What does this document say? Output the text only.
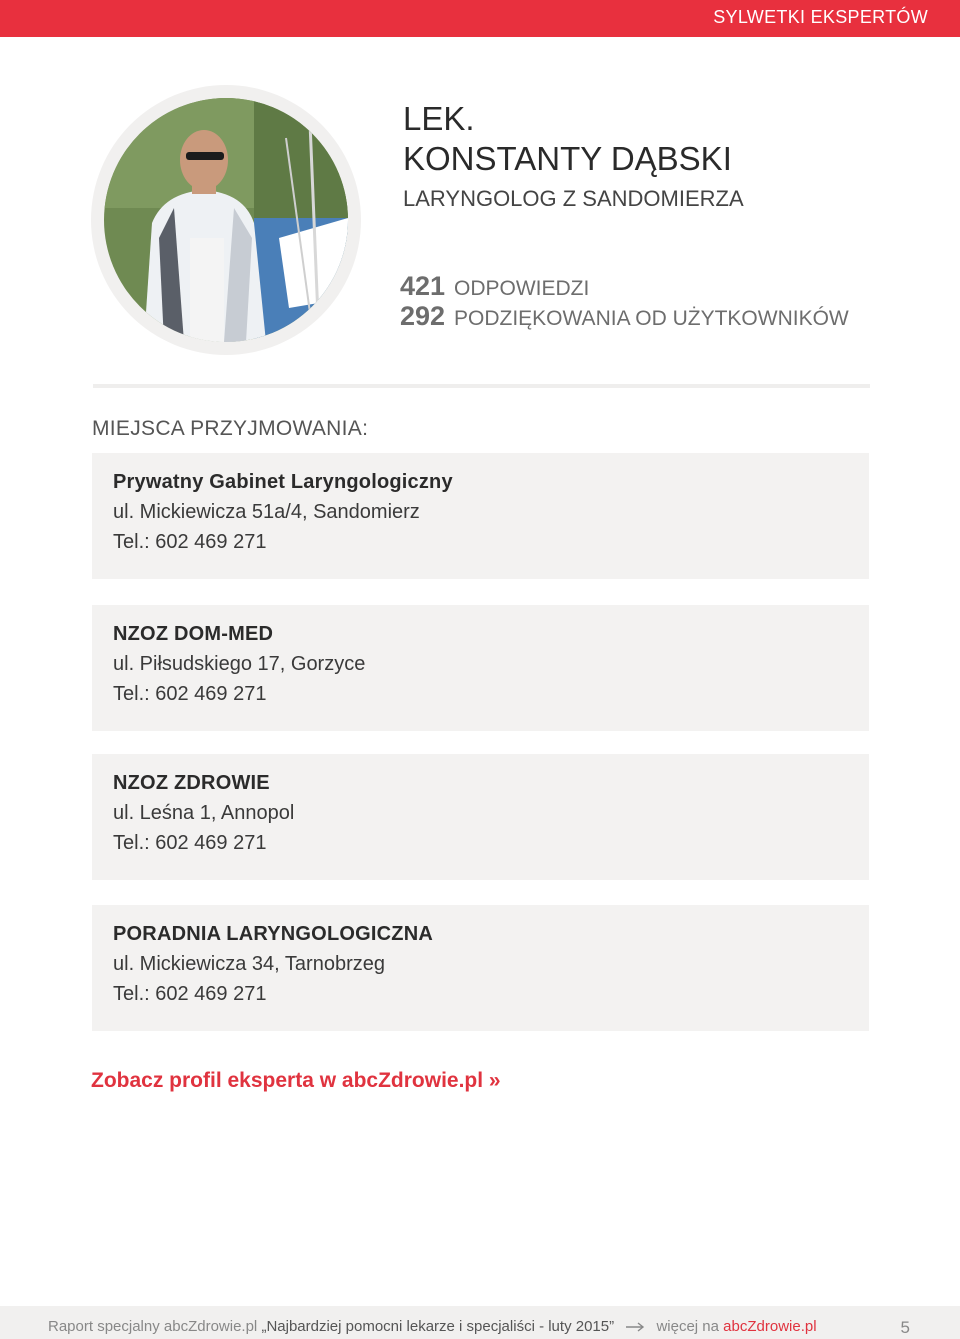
SYLWETKI EKSPERTÓW
LEK.
KONSTANTY DĄBSKI
LARYNGOLOG Z SANDOMIERZA
421 ODPOWIEDZI
292 PODZIĘKOWANIA OD UŻYTKOWNIKÓW
MIEJSCA PRZYJMOWANIA:
Prywatny Gabinet Laryngologiczny
ul. Mickiewicza 51a/4, Sandomierz
Tel.: 602 469 271
NZOZ DOM-MED
ul. Piłsudskiego 17, Gorzyce
Tel.: 602 469 271
NZOZ ZDROWIE
ul. Leśna 1, Annopol
Tel.: 602 469 271
PORADNIA LARYNGOLOGICZNA
ul. Mickiewicza 34, Tarnobrzeg
Tel.: 602 469 271
Zobacz profil eksperta w abcZdrowie.pl »
Raport specjalny abcZdrowie.pl „Najbardziej pomocni lekarze i specjaliści - luty 2015”	więcej na abcZdrowie.pl	5
